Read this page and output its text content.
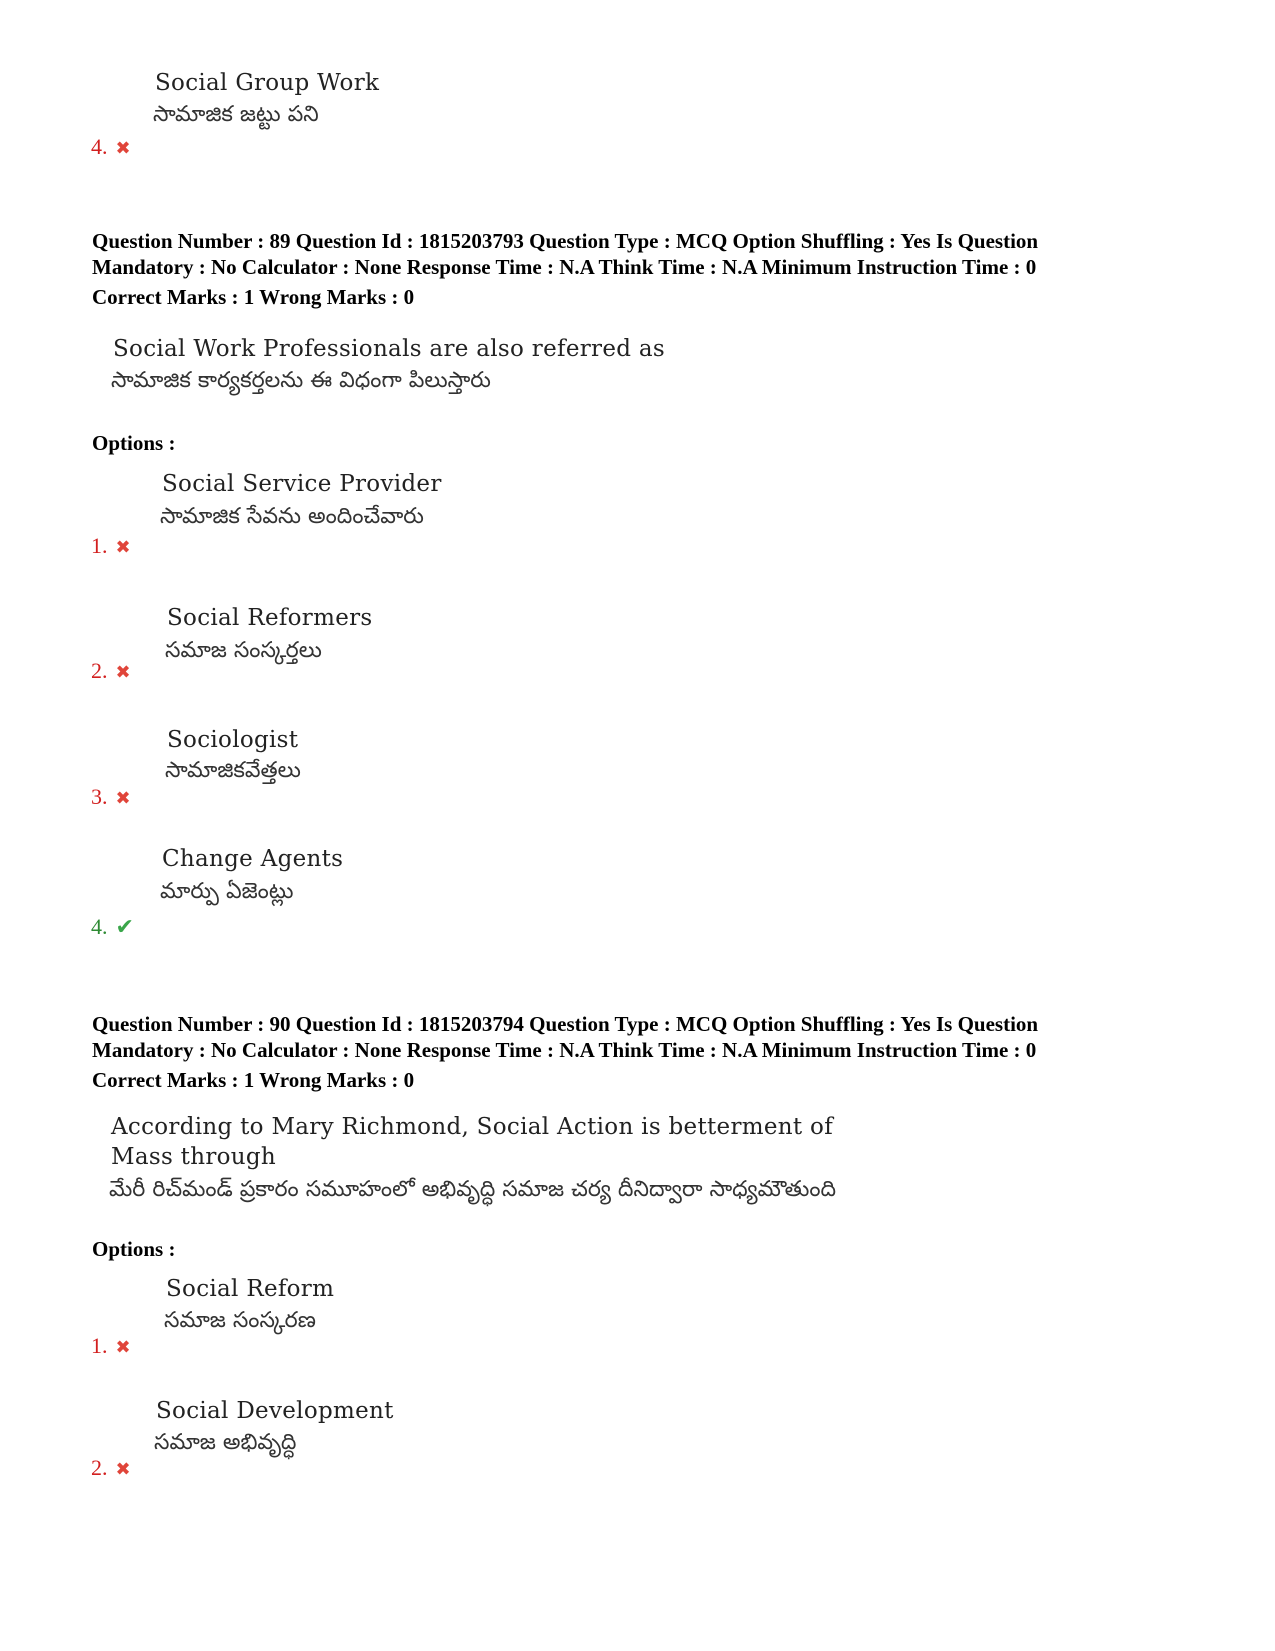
Social Group Work
సామాజిక జట్టు పని
4. ✖
Question Number : 89 Question Id : 1815203793 Question Type : MCQ Option Shuffling : Yes Is Question
Mandatory : No Calculator : None Response Time : N.A Think Time : N.A Minimum Instruction Time : 0
Correct Marks : 1 Wrong Marks : 0
Social Work Professionals are also referred as
సామాజిక కార్యకర్తలను ఈ విధంగా పిలుస్తారు
Options :
Social Service Provider
సామాజిక సేవను అందించేవారు
1. ✖
Social Reformers
సమాజ సంస్కర్తలు
2. ✖
Sociologist
సామాజికవేత్తలు
3. ✖
Change Agents
మార్పు ఏజెంట్లు
4. ✔
Question Number : 90 Question Id : 1815203794 Question Type : MCQ Option Shuffling : Yes Is Question
Mandatory : No Calculator : None Response Time : N.A Think Time : N.A Minimum Instruction Time : 0
Correct Marks : 1 Wrong Marks : 0
According to Mary Richmond, Social Action is betterment of
Mass through
మేరీ రిచ్‌మండ్ ప్రకారం సమూహంలో అభివృద్ధి సమాజ చర్య దీనిద్వారా సాధ్యమౌతుంది
Options :
Social Reform
సమాజ సంస్కరణ
1. ✖
Social Development
సమాజ అభివృద్ధి
2. ✖
